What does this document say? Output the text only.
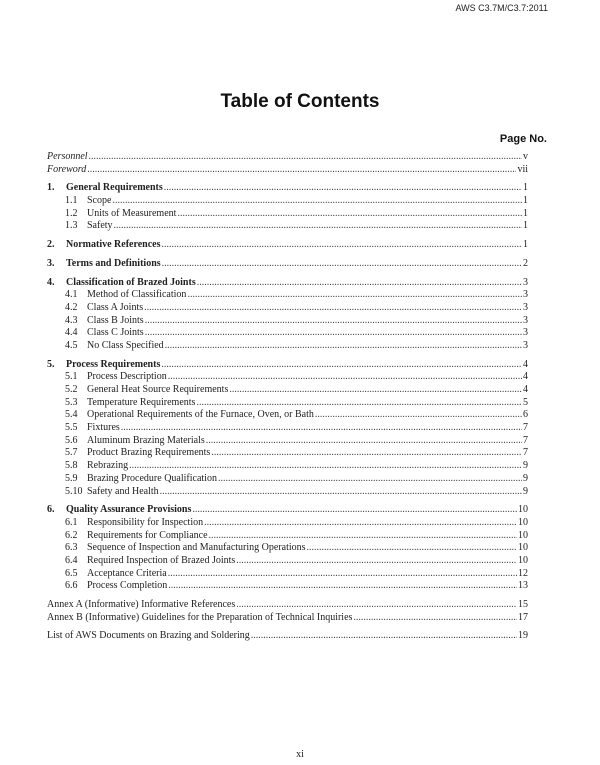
AWS C3.7M/C3.7:2011
Table of Contents
Page No.
Personnel .....	v
Foreword .....	vii
1.	General Requirements .....	1
1.1 Scope .....	1
1.2 Units of Measurement .....	1
1.3 Safety .....	1
2.	Normative References .....	1
3.	Terms and Definitions .....	2
4.	Classification of Brazed Joints .....	3
4.1 Method of Classification .....	3
4.2 Class A Joints .....	3
4.3 Class B Joints .....	3
4.4 Class C Joints .....	3
4.5 No Class Specified .....	3
5.	Process Requirements .....	4
5.1 Process Description .....	4
5.2 General Heat Source Requirements .....	4
5.3 Temperature Requirements .....	5
5.4 Operational Requirements of the Furnace, Oven, or Bath .....	6
5.5 Fixtures .....	7
5.6 Aluminum Brazing Materials .....	7
5.7 Product Brazing Requirements .....	7
5.8 Rebrazing .....	9
5.9 Brazing Procedure Qualification .....	9
5.10 Safety and Health .....	9
6.	Quality Assurance Provisions .....	10
6.1 Responsibility for Inspection .....	10
6.2 Requirements for Compliance .....	10
6.3 Sequence of Inspection and Manufacturing Operations .....	10
6.4 Required Inspection of Brazed Joints .....	10
6.5 Acceptance Criteria .....	12
6.6 Process Completion .....	13
Annex A (Informative) Informative References .....	15
Annex B (Informative) Guidelines for the Preparation of Technical Inquiries .....	17
List of AWS Documents on Brazing and Soldering .....	19
xi
